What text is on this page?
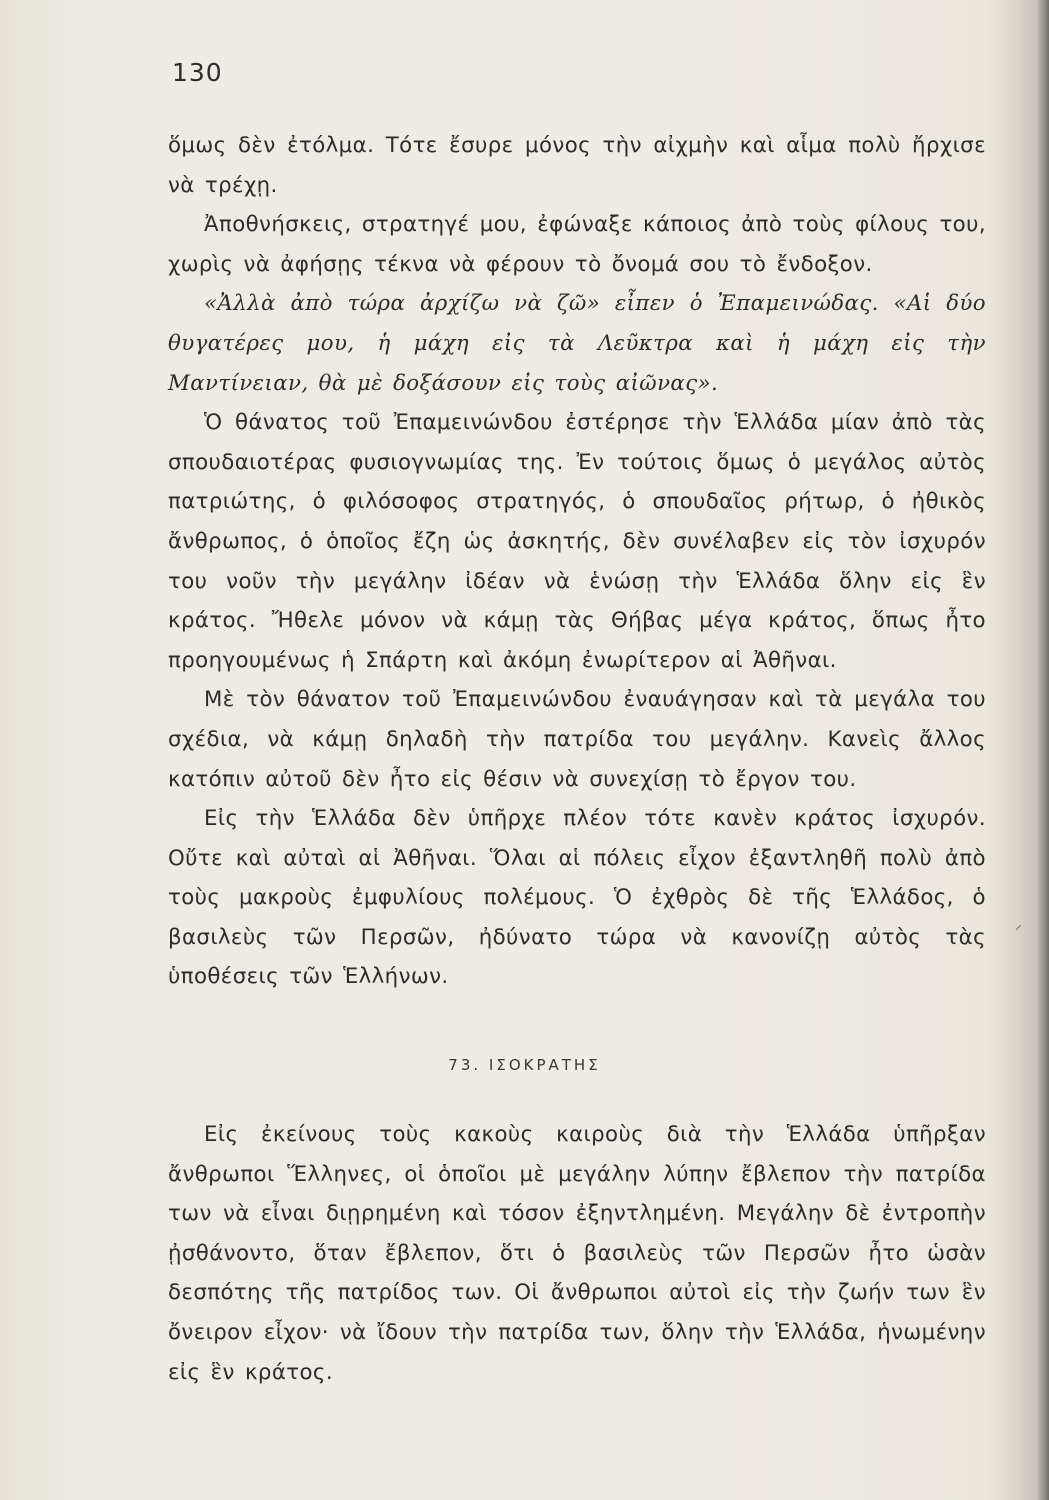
130

ὅμως δὲν ἐτόλμα. Τότε ἔσυρε μόνος τὴν αἰχμὴν καὶ αἷμα πολὺ ἤρχισε νὰ τρέχῃ.

Ἀποθνήσκεις, στρατηγέ μου, ἐφώναξε κάποιος ἀπὸ τοὺς φίλους του, χωρὶς νὰ ἀφήσῃς τέκνα νὰ φέρουν τὸ ὄνομά σου τὸ ἔνδοξον.

«Ἀλλὰ ἀπὸ τώρα ἀρχίζω νὰ ζῶ» εἶπεν ὁ Ἐπαμεινώδας. «Αἱ δύο θυγατέρες μου, ἡ μάχη εἰς τὰ Λεῦκτρα καὶ ἡ μάχη εἰς τὴν Μαντίνειαν, θὰ μὲ δοξάσουν εἰς τοὺς αἰῶνας».

Ὁ θάνατος τοῦ Ἐπαμεινώνδου ἐστέρησε τὴν Ἑλλάδα μίαν ἀπὸ τὰς σπουδαιοτέρας φυσιογνωμίας της. Ἐν τούτοις ὅμως ὁ μεγάλος αὐτὸς πατριώτης, ὁ φιλόσοφος στρατηγός, ὁ σπουδαῖος ρήτωρ, ὁ ἠθικὸς ἄνθρωπος, ὁ ὁποῖος ἔζη ὡς ἀσκητής, δὲν συνέλαβεν εἰς τὸν ἰσχυρόν του νοῦν τὴν μεγάλην ἰδέαν νὰ ἑνώσῃ τὴν Ἑλλάδα ὅλην εἰς ἓν κράτος. Ἤθελε μόνον νὰ κάμῃ τὰς Θήβας μέγα κράτος, ὅπως ἦτο προηγουμένως ἡ Σπάρτη καὶ ἀκόμη ἐνωρίτερον αἱ Ἀθῆναι.

Μὲ τὸν θάνατον τοῦ Ἐπαμεινώνδου ἐναυάγησαν καὶ τὰ μεγάλα του σχέδια, νὰ κάμῃ δηλαδὴ τὴν πατρίδα του μεγάλην. Κανεὶς ἄλλος κατόπιν αὐτοῦ δὲν ἦτο εἰς θέσιν νὰ συνεχίσῃ τὸ ἔργον του.

Εἰς τὴν Ἑλλάδα δὲν ὑπῆρχε πλέον τότε κανὲν κράτος ἰσχυρόν. Οὔτε καὶ αὐταὶ αἱ Ἀθῆναι. Ὅλαι αἱ πόλεις εἶχον ἐξαντληθῆ πολὺ ἀπὸ τοὺς μακροὺς ἐμφυλίους πολέμους. Ὁ ἐχθρὸς δὲ τῆς Ἑλλάδος, ὁ βασιλεὺς τῶν Περσῶν, ἠδύνατο τώρα νὰ κανονίζῃ αὐτὸς τὰς ὑποθέσεις τῶν Ἑλλήνων.

73. ΙΣΟΚΡΑΤΗΣ

Εἰς ἐκείνους τοὺς κακοὺς καιροὺς διὰ τὴν Ἑλλάδα ὑπῆρξαν ἄνθρωποι Ἕλληνες, οἱ ὁποῖοι μὲ μεγάλην λύπην ἔβλεπον τὴν πατρίδα των νὰ εἶναι διῃρημένη καὶ τόσον ἐξηντλημένη. Μεγάλην δὲ ἐντροπὴν ᾐσθάνοντο, ὅταν ἔβλεπον, ὅτι ὁ βασιλεὺς τῶν Περσῶν ἦτο ὡσὰν δεσπότης τῆς πατρίδος των. Οἱ ἄνθρωποι αὐτοὶ εἰς τὴν ζωήν των ἓν ὄνειρον εἶχον· νὰ ἴδουν τὴν πατρίδα των, ὅλην τὴν Ἑλλάδα, ἡνωμένην εἰς ἓν κράτος.

⸝
